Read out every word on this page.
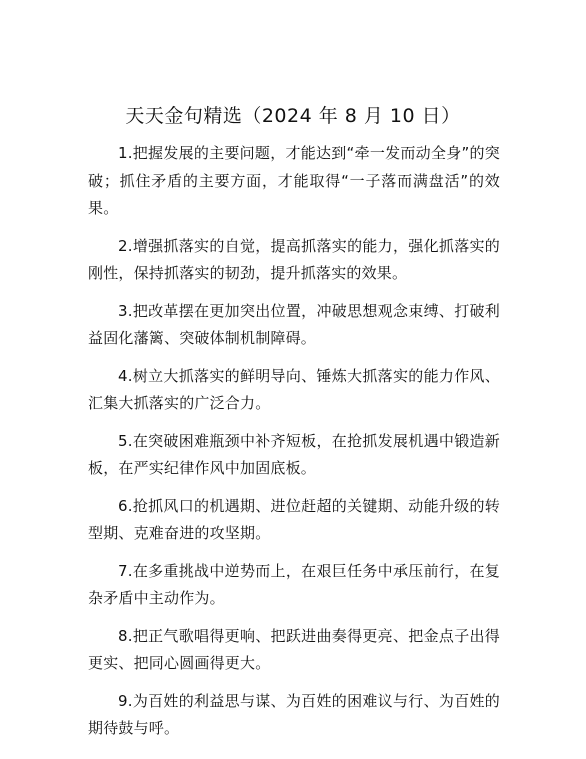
天天金句精选（2024 年 8 月 10 日）
1.把握发展的主要问题，才能达到“牵一发而动全身”的突破；抓住矛盾的主要方面，才能取得“一子落而满盘活”的效果。
2.增强抓落实的自觉，提高抓落实的能力，强化抓落实的刚性，保持抓落实的韧劲，提升抓落实的效果。
3.把改革摆在更加突出位置，冲破思想观念束缚、打破利益固化藩篱、突破体制机制障碍。
4.树立大抓落实的鲜明导向、锤炼大抓落实的能力作风、汇集大抓落实的广泛合力。
5.在突破困难瓶颈中补齐短板，在抢抓发展机遇中锻造新板，在严实纪律作风中加固底板。
6.抢抓风口的机遇期、进位赶超的关键期、动能升级的转型期、克难奋进的攻坚期。
7.在多重挑战中逆势而上，在艰巨任务中承压前行，在复杂矛盾中主动作为。
8.把正气歌唱得更响、把跃进曲奏得更亮、把金点子出得更实、把同心圆画得更大。
9.为百姓的利益思与谋、为百姓的困难议与行、为百姓的期待鼓与呼。
